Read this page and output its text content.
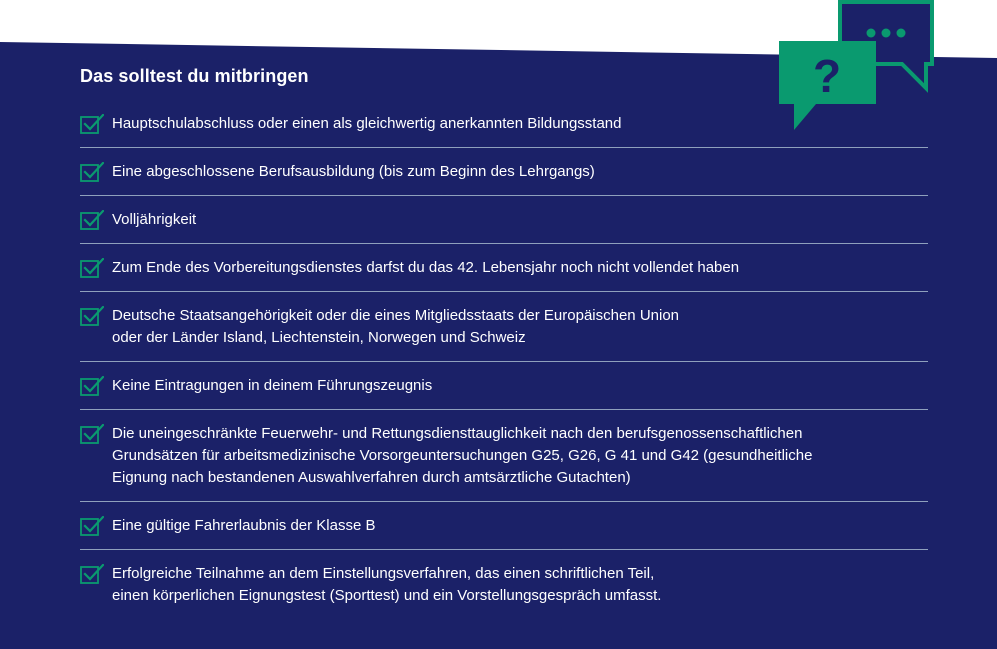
?
Das solltest du mitbringen
Hauptschulabschluss oder einen als gleichwertig anerkannten Bildungsstand
Eine abgeschlossene Berufsausbildung (bis zum Beginn des Lehrgangs)
Volljährigkeit
Zum Ende des Vorbereitungsdienstes darfst du das 42. Lebensjahr noch nicht vollendet haben
Deutsche Staatsangehörigkeit oder die eines Mitgliedsstaats der Europäischen Union
oder der Länder Island, Liechtenstein, Norwegen und Schweiz
Keine Eintragungen in deinem Führungszeugnis
Die uneingeschränkte Feuerwehr- und Rettungsdiensttauglichkeit nach den berufsgenossenschaftlichen
Grundsätzen für arbeitsmedizinische Vorsorgeuntersuchungen G25, G26, G 41 und G42 (gesundheitliche
Eignung nach bestandenen Auswahlverfahren durch amtsärztliche Gutachten)
Eine gültige Fahrerlaubnis der Klasse B
Erfolgreiche Teilnahme an dem Einstellungsverfahren, das einen schriftlichen Teil,
einen körperlichen Eignungstest (Sporttest) und ein Vorstellungsgespräch umfasst.
